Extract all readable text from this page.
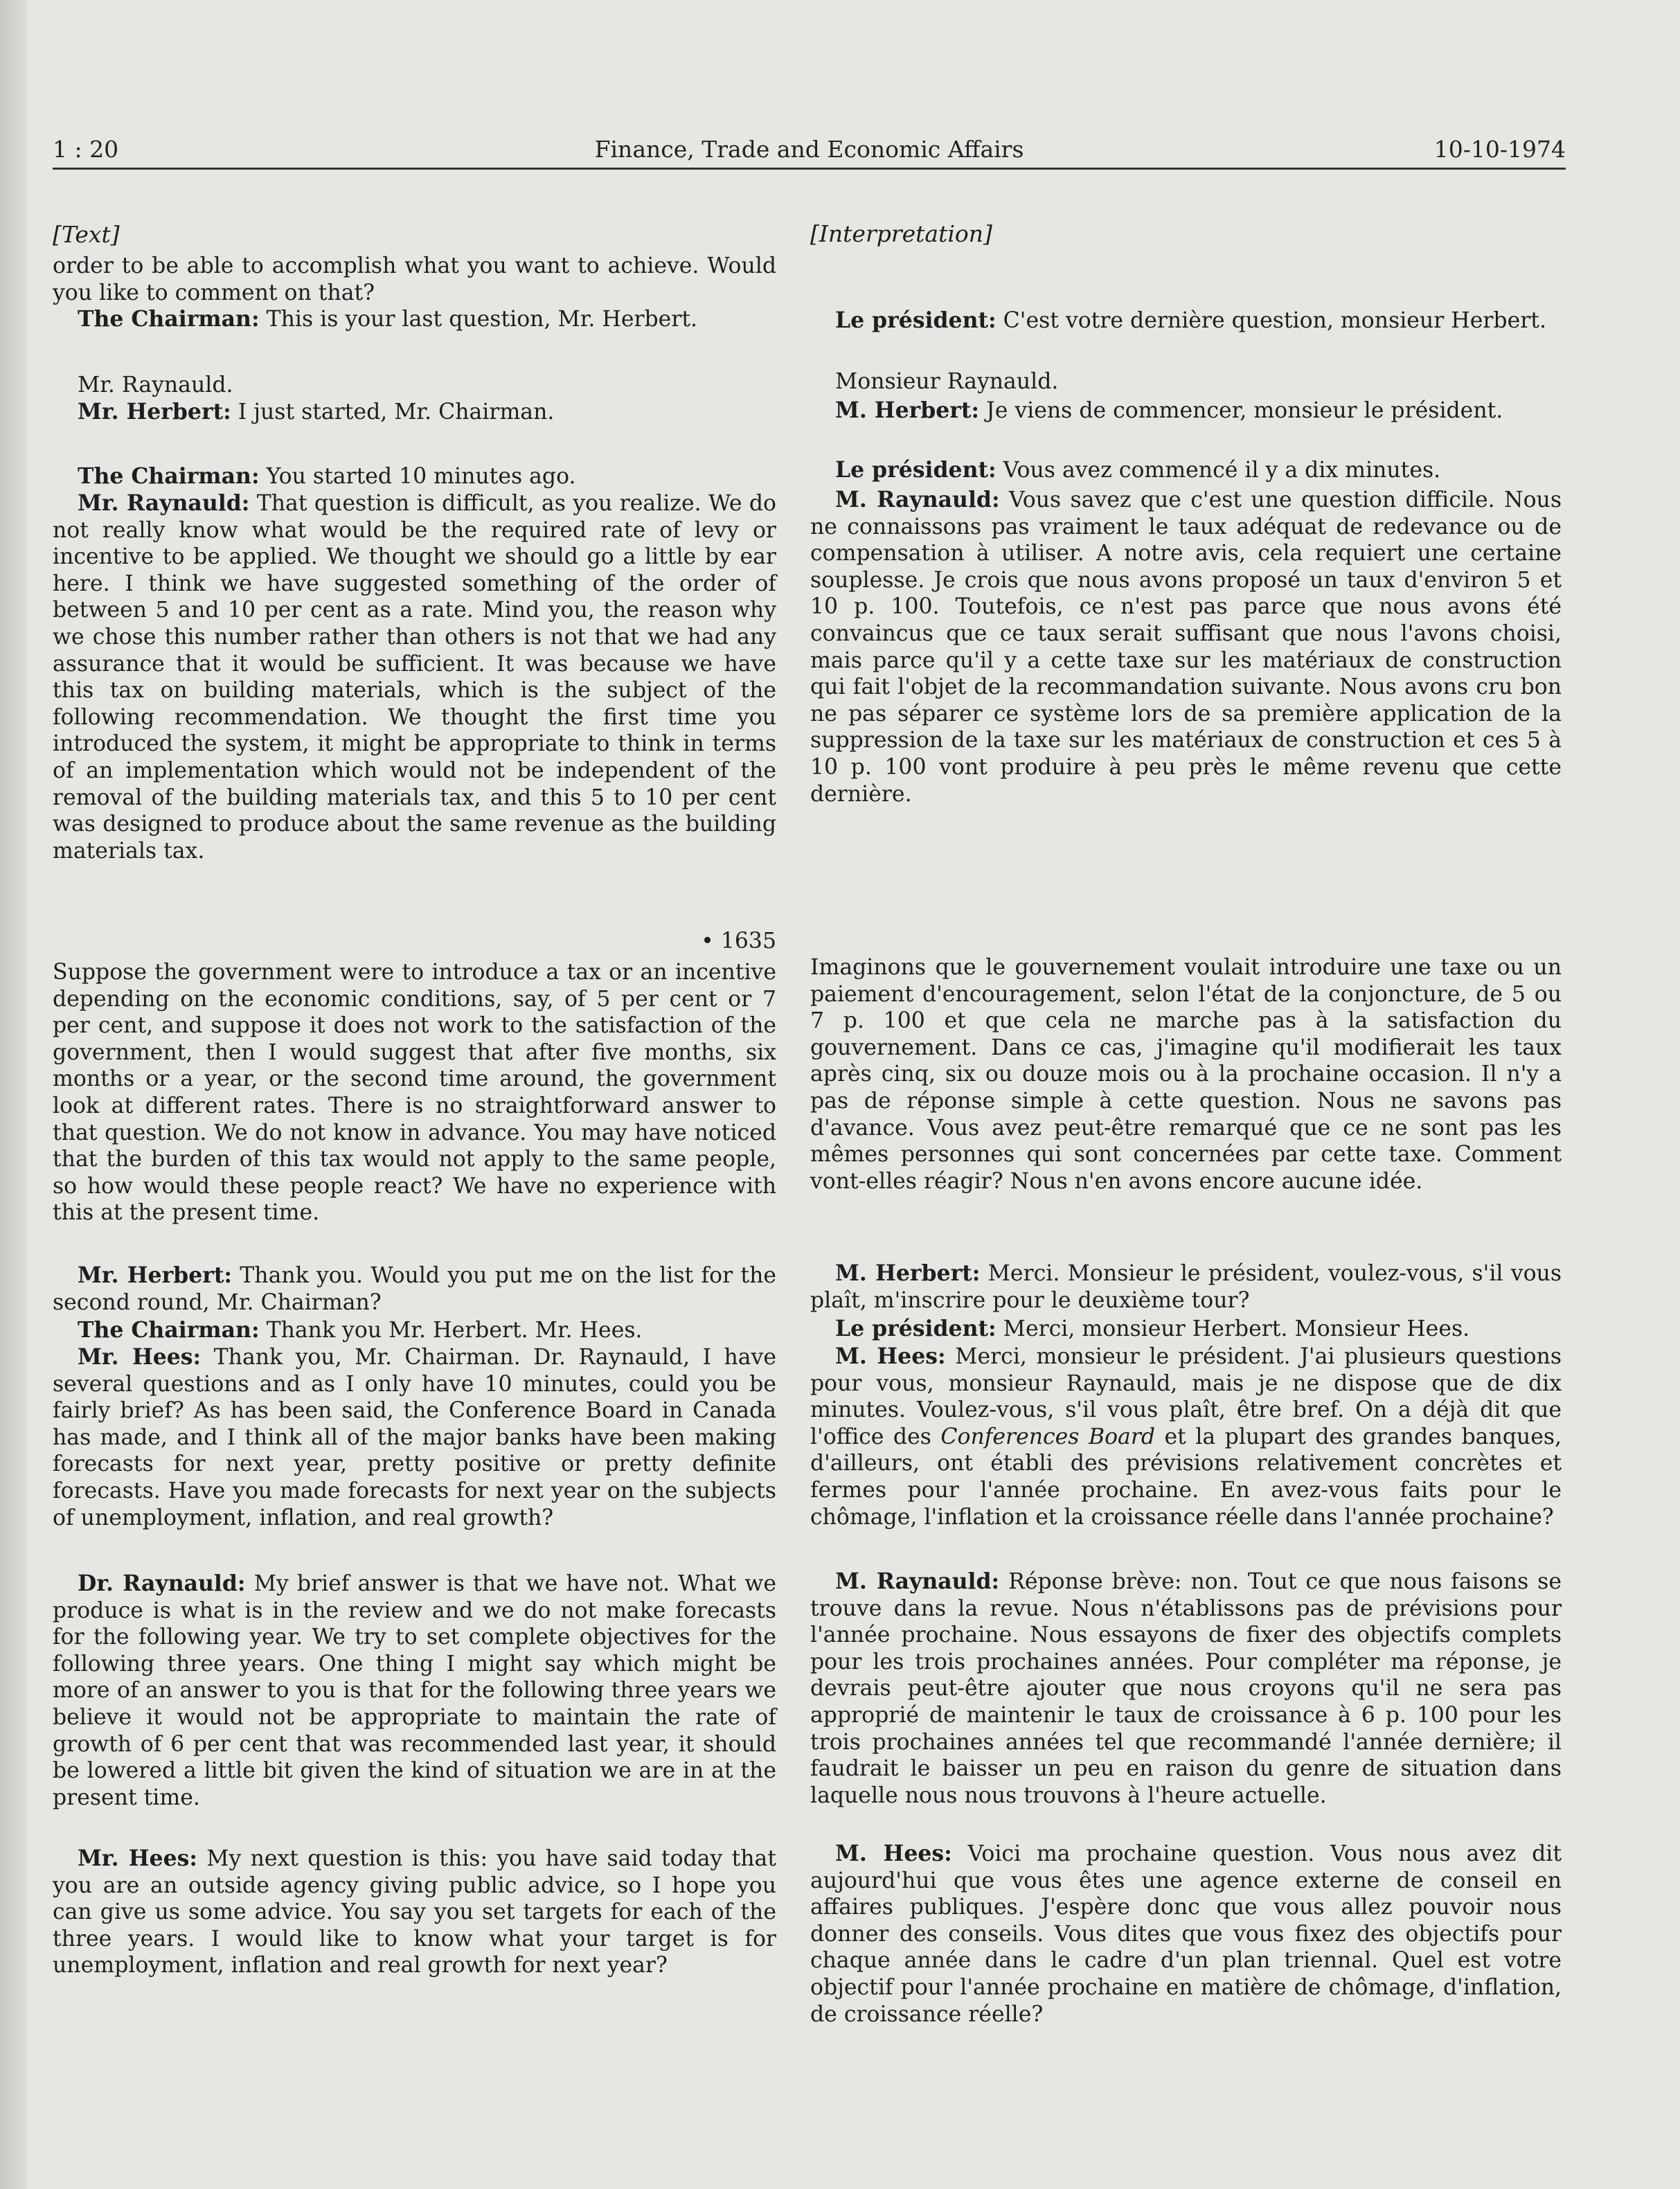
1 : 20	Finance, Trade and Economic Affairs	10-10-1974
[Text]

order to be able to accomplish what you want to achieve. Would you like to comment on that?

The Chairman: This is your last question, Mr. Herbert.

Mr. Raynauld.

Mr. Herbert: I just started, Mr. Chairman.

The Chairman: You started 10 minutes ago.

Mr. Raynauld: That question is difficult, as you realize. We do not really know what would be the required rate of levy or incentive to be applied. We thought we should go a little by ear here. I think we have suggested something of the order of between 5 and 10 per cent as a rate. Mind you, the reason why we chose this number rather than others is not that we had any assurance that it would be sufficient. It was because we have this tax on building materials, which is the subject of the following recommendation. We thought the first time you introduced the system, it might be appropriate to think in terms of an implementation which would not be independent of the removal of the building materials tax, and this 5 to 10 per cent was designed to produce about the same revenue as the building materials tax.

• 1635

Suppose the government were to introduce a tax or an incentive depending on the economic conditions, say, of 5 per cent or 7 per cent, and suppose it does not work to the satisfaction of the government, then I would suggest that after five months, six months or a year, or the second time around, the government look at different rates. There is no straightforward answer to that question. We do not know in advance. You may have noticed that the burden of this tax would not apply to the same people, so how would these people react? We have no experience with this at the present time.

Mr. Herbert: Thank you. Would you put me on the list for the second round, Mr. Chairman?

The Chairman: Thank you Mr. Herbert. Mr. Hees.

Mr. Hees: Thank you, Mr. Chairman. Dr. Raynauld, I have several questions and as I only have 10 minutes, could you be fairly brief? As has been said, the Conference Board in Canada has made, and I think all of the major banks have been making forecasts for next year, pretty positive or pretty definite forecasts. Have you made forecasts for next year on the subjects of unemployment, inflation, and real growth?

Dr. Raynauld: My brief answer is that we have not. What we produce is what is in the review and we do not make forecasts for the following year. We try to set complete objectives for the following three years. One thing I might say which might be more of an answer to you is that for the following three years we believe it would not be appropriate to maintain the rate of growth of 6 per cent that was recommended last year, it should be lowered a little bit given the kind of situation we are in at the present time.

Mr. Hees: My next question is this: you have said today that you are an outside agency giving public advice, so I hope you can give us some advice. You say you set targets for each of the three years. I would like to know what your target is for unemployment, inflation and real growth for next year?

[Interpretation]

Le président: C'est votre dernière question, monsieur Herbert.

Monsieur Raynauld.

M. Herbert: Je viens de commencer, monsieur le président.

Le président: Vous avez commencé il y a dix minutes.

M. Raynauld: Vous savez que c'est une question difficile. Nous ne connaissons pas vraiment le taux adéquat de redevance ou de compensation à utiliser. A notre avis, cela requiert une certaine souplesse. Je crois que nous avons proposé un taux d'environ 5 et 10 p. 100. Toutefois, ce n'est pas parce que nous avons été convaincus que ce taux serait suffisant que nous l'avons choisi, mais parce qu'il y a cette taxe sur les matériaux de construction qui fait l'objet de la recommandation suivante. Nous avons cru bon ne pas séparer ce système lors de sa première application de la suppression de la taxe sur les matériaux de construction et ces 5 à 10 p. 100 vont produire à peu près le même revenu que cette dernière.

Imaginons que le gouvernement voulait introduire une taxe ou un paiement d'encouragement, selon l'état de la conjoncture, de 5 ou 7 p. 100 et que cela ne marche pas à la satisfaction du gouvernement. Dans ce cas, j'imagine qu'il modifierait les taux après cinq, six ou douze mois ou à la prochaine occasion. Il n'y a pas de réponse simple à cette question. Nous ne savons pas d'avance. Vous avez peut-être remarqué que ce ne sont pas les mêmes personnes qui sont concernées par cette taxe. Comment vont-elles réagir? Nous n'en avons encore aucune idée.

M. Herbert: Merci. Monsieur le président, voulez-vous, s'il vous plaît, m'inscrire pour le deuxième tour?

Le président: Merci, monsieur Herbert. Monsieur Hees.

M. Hees: Merci, monsieur le président. J'ai plusieurs questions pour vous, monsieur Raynauld, mais je ne dispose que de dix minutes. Voulez-vous, s'il vous plaît, être bref. On a déjà dit que l'office des Conferences Board et la plupart des grandes banques, d'ailleurs, ont établi des prévisions relativement concrètes et fermes pour l'année prochaine. En avez-vous faits pour le chômage, l'inflation et la croissance réelle dans l'année prochaine?

M. Raynauld: Réponse brève: non. Tout ce que nous faisons se trouve dans la revue. Nous n'établissons pas de prévisions pour l'année prochaine. Nous essayons de fixer des objectifs complets pour les trois prochaines années. Pour compléter ma réponse, je devrais peut-être ajouter que nous croyons qu'il ne sera pas approprié de maintenir le taux de croissance à 6 p. 100 pour les trois prochaines années tel que recommandé l'année dernière; il faudrait le baisser un peu en raison du genre de situation dans laquelle nous nous trouvons à l'heure actuelle.

M. Hees: Voici ma prochaine question. Vous nous avez dit aujourd'hui que vous êtes une agence externe de conseil en affaires publiques. J'espère donc que vous allez pouvoir nous donner des conseils. Vous dites que vous fixez des objectifs pour chaque année dans le cadre d'un plan triennal. Quel est votre objectif pour l'année prochaine en matière de chômage, d'inflation, de croissance réelle?
